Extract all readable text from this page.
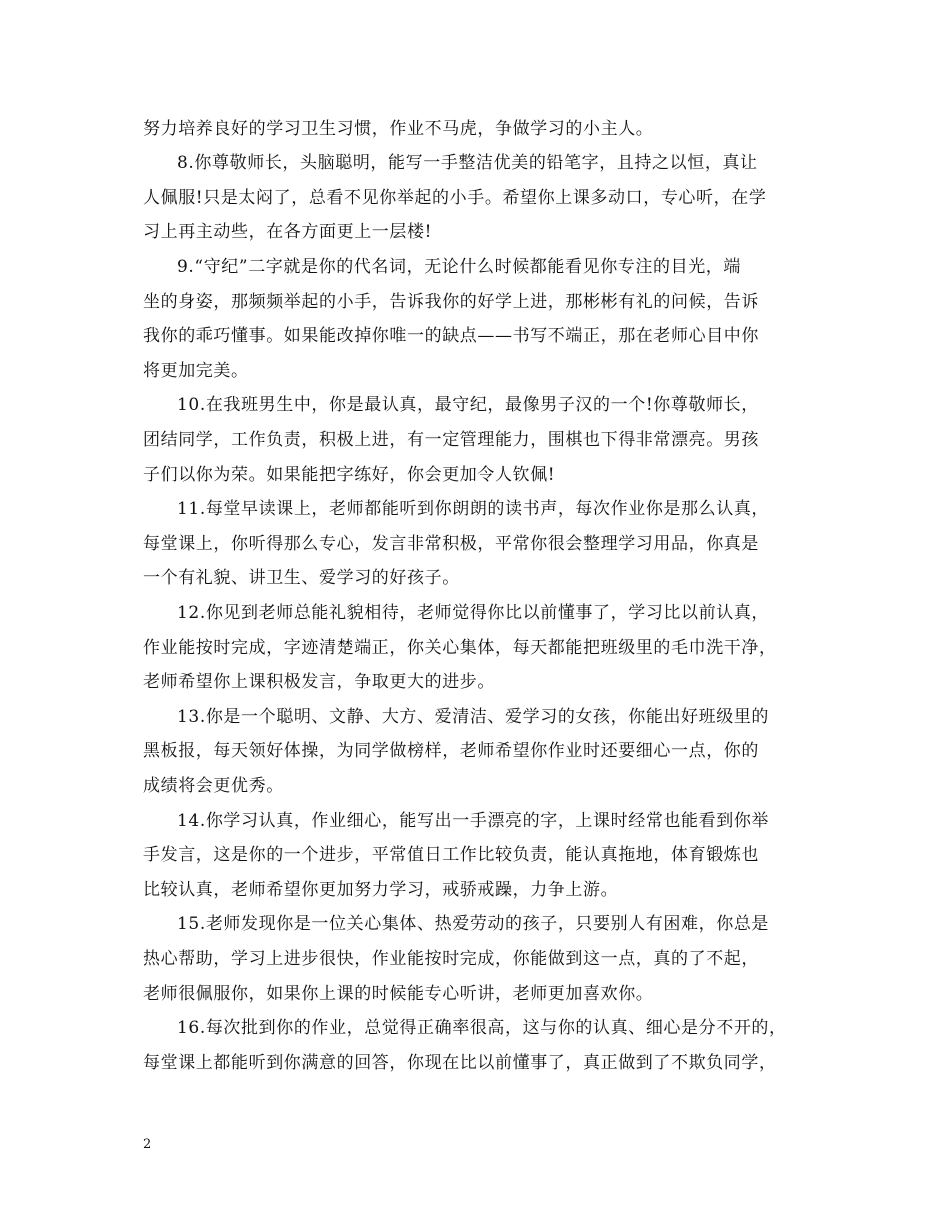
努力培养良好的学习卫生习惯，作业不马虎，争做学习的小主人。
8.你尊敬师长，头脑聪明，能写一手整洁优美的铅笔字，且持之以恒，真让
人佩服!只是太闷了，总看不见你举起的小手。希望你上课多动口，专心听，在学
习上再主动些，在各方面更上一层楼!
9.“守纪”二字就是你的代名词，无论什么时候都能看见你专注的目光，端
坐的身姿，那频频举起的小手，告诉我你的好学上进，那彬彬有礼的问候，告诉
我你的乖巧懂事。如果能改掉你唯一的缺点——书写不端正，那在老师心目中你
将更加完美。
10.在我班男生中，你是最认真，最守纪，最像男子汉的一个!你尊敬师长，
团结同学，工作负责，积极上进，有一定管理能力，围棋也下得非常漂亮。男孩
子们以你为荣。如果能把字练好，你会更加令人钦佩!
11.每堂早读课上，老师都能听到你朗朗的读书声，每次作业你是那么认真，
每堂课上，你听得那么专心，发言非常积极，平常你很会整理学习用品，你真是
一个有礼貌、讲卫生、爱学习的好孩子。
12.你见到老师总能礼貌相待，老师觉得你比以前懂事了，学习比以前认真，
作业能按时完成，字迹清楚端正，你关心集体，每天都能把班级里的毛巾洗干净，
老师希望你上课积极发言，争取更大的进步。
13.你是一个聪明、文静、大方、爱清洁、爱学习的女孩，你能出好班级里的
黑板报，每天领好体操，为同学做榜样，老师希望你作业时还要细心一点，你的
成绩将会更优秀。
14.你学习认真，作业细心，能写出一手漂亮的字，上课时经常也能看到你举
手发言，这是你的一个进步，平常值日工作比较负责，能认真拖地，体育锻炼也
比较认真，老师希望你更加努力学习，戒骄戒躁，力争上游。
15.老师发现你是一位关心集体、热爱劳动的孩子，只要别人有困难，你总是
热心帮助，学习上进步很快，作业能按时完成，你能做到这一点，真的了不起，
老师很佩服你，如果你上课的时候能专心听讲，老师更加喜欢你。
16.每次批到你的作业，总觉得正确率很高，这与你的认真、细心是分不开的，
每堂课上都能听到你满意的回答，你现在比以前懂事了，真正做到了不欺负同学，
2
